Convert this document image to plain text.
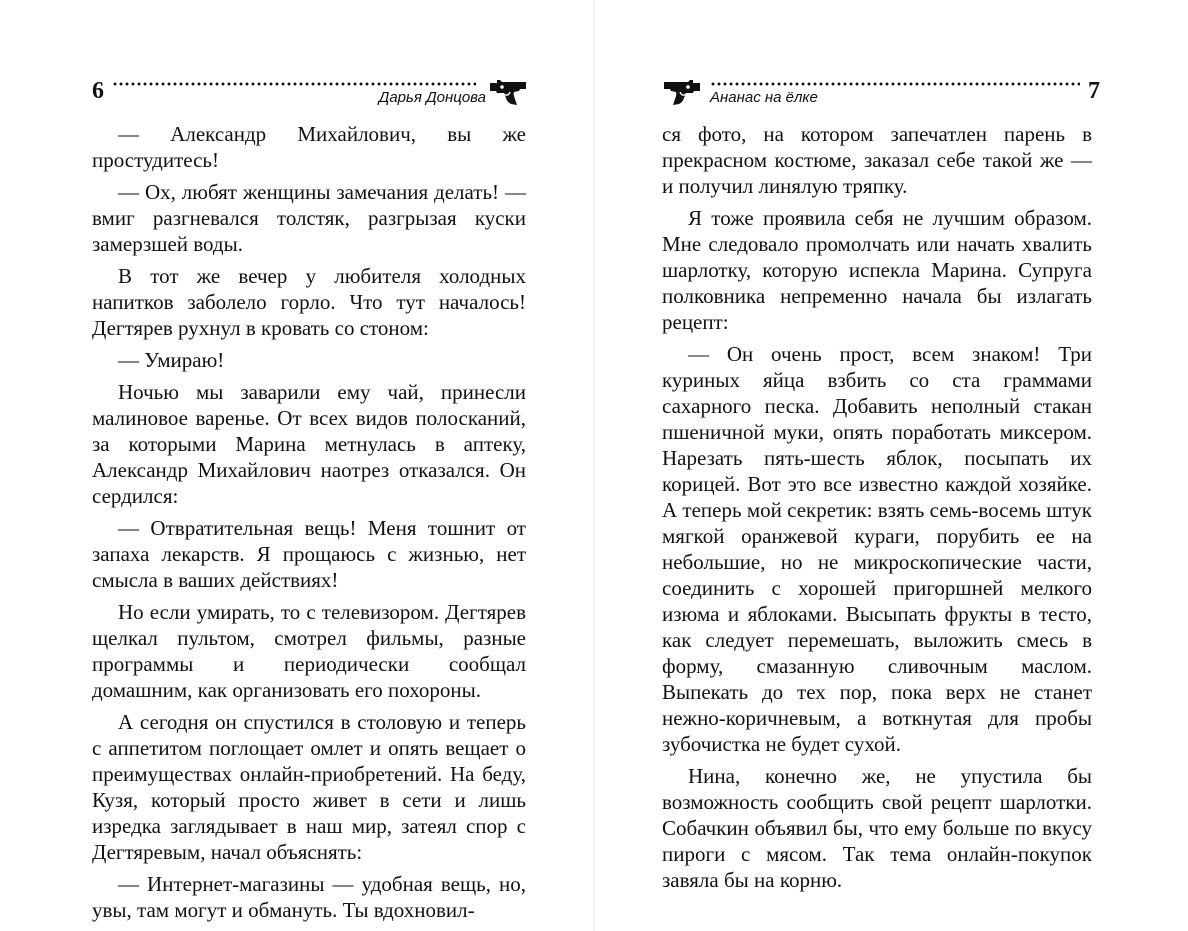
6	Дарья Донцова

— Александр Михайлович, вы же простудитесь!

— Ох, любят женщины замечания делать! — вмиг разгневался толстяк, разгрызая куски замерзшей воды.

В тот же вечер у любителя холодных напитков заболело горло. Что тут началось! Дегтярев рухнул в кровать со стоном:

— Умираю!

Ночью мы заварили ему чай, принесли малиновое варенье. От всех видов полосканий, за которыми Марина метнулась в аптеку, Александр Михайлович наотрез отказался. Он сердился:

— Отвратительная вещь! Меня тошнит от запаха лекарств. Я прощаюсь с жизнью, нет смысла в ваших действиях!

Но если умирать, то с телевизором. Дегтярев щелкал пультом, смотрел фильмы, разные программы и периодически сообщал домашним, как организовать его похороны.

А сегодня он спустился в столовую и теперь с аппетитом поглощает омлет и опять вещает о преимуществах онлайн-приобретений. На беду, Кузя, который просто живет в сети и лишь изредка заглядывает в наш мир, затеял спор с Дегтяревым, начал объяснять:

— Интернет-магазины — удобная вещь, но, увы, там могут и обмануть. Ты вдохновил-

Ананас на ёлке	7

ся фото, на котором запечатлен парень в прекрасном костюме, заказал себе такой же — и получил линялую тряпку.

Я тоже проявила себя не лучшим образом. Мне следовало промолчать или начать хвалить шарлотку, которую испекла Марина. Супруга полковника непременно начала бы излагать рецепт:

— Он очень прост, всем знаком! Три куриных яйца взбить со ста граммами сахарного песка. Добавить неполный стакан пшеничной муки, опять поработать миксером. Нарезать пять-шесть яблок, посыпать их корицей. Вот это все известно каждой хозяйке. А теперь мой секретик: взять семь-восемь штук мягкой оранжевой кураги, порубить ее на небольшие, но не микроскопические части, соединить с хорошей пригоршней мелкого изюма и яблоками. Высыпать фрукты в тесто, как следует перемешать, выложить смесь в форму, смазанную сливочным маслом. Выпекать до тех пор, пока верх не станет нежно-коричневым, а воткнутая для пробы зубочистка не будет сухой.

Нина, конечно же, не упустила бы возможность сообщить свой рецепт шарлотки. Собачкин объявил бы, что ему больше по вкусу пироги с мясом. Так тема онлайн-покупок завяла бы на корню.
